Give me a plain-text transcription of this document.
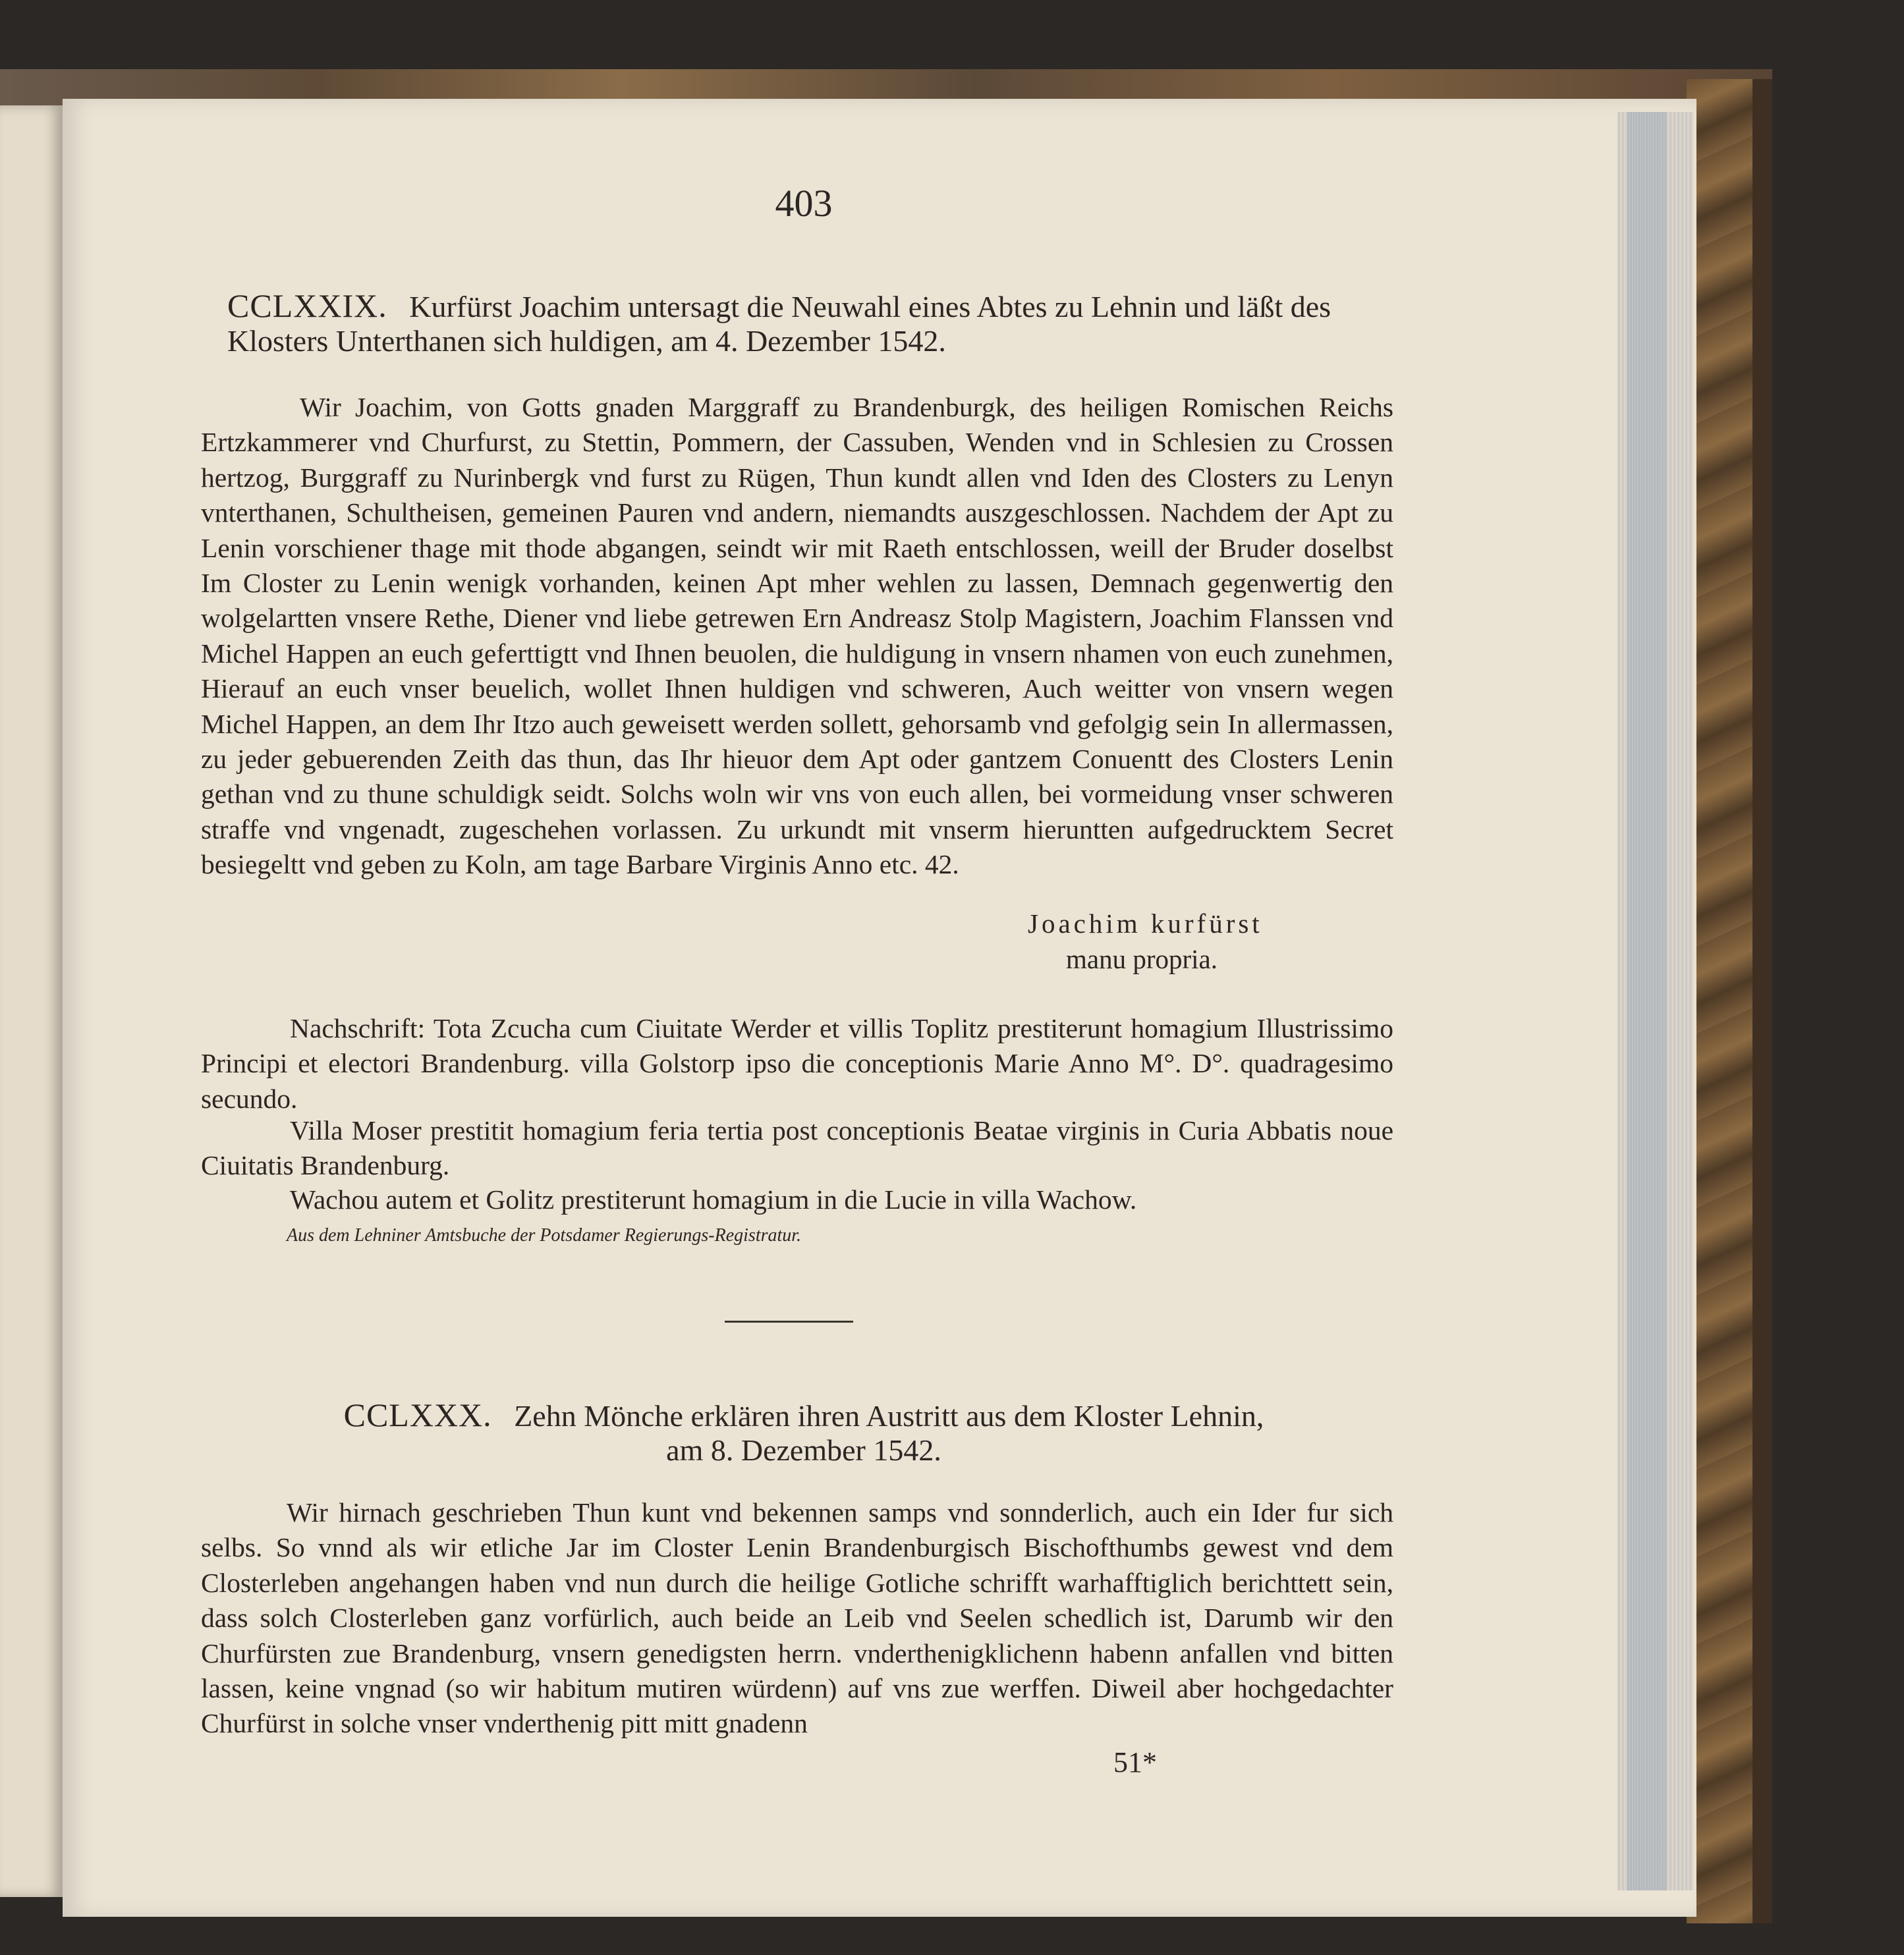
403
CCLXXIX. Kurfürst Joachim untersagt die Neuwahl eines Abtes zu Lehnin und läßt des
Klosters Unterthanen sich huldigen, am 4. Dezember 1542.
Wir Joachim, von Gotts gnaden Marggraff zu Brandenburgk, des heiligen Romischen Reichs Ertzkammerer vnd Churfurst, zu Stettin, Pommern, der Cassuben, Wenden vnd in Schlesien zu Crossen hertzog, Burggraff zu Nurinbergk vnd furst zu Rügen, Thun kundt allen vnd Iden des Closters zu Lenyn vnterthanen, Schultheisen, gemeinen Pauren vnd andern, niemandts auszgeschlossen. Nachdem der Apt zu Lenin vorschiener thage mit thode abgangen, seindt wir mit Raeth entschlossen, weill der Bruder doselbst Im Closter zu Lenin wenigk vorhanden, keinen Apt mher wehlen zu lassen, Demnach gegenwertig den wolgelartten vnsere Rethe, Diener vnd liebe getrewen Ern Andreasz Stolp Magistern, Joachim Flanssen vnd Michel Happen an euch geferttigtt vnd Ihnen beuolen, die huldigung in vnsern nhamen von euch zunehmen, Hierauf an euch vnser beuelich, wollet Ihnen huldigen vnd schweren, Auch weitter von vnsern wegen Michel Happen, an dem Ihr Itzo auch geweisett werden sollett, gehorsamb vnd gefolgig sein In allermassen, zu jeder gebuerenden Zeith das thun, das Ihr hieuor dem Apt oder gantzem Conuentt des Closters Lenin gethan vnd zu thune schuldigk seidt. Solchs woln wir vns von euch allen, bei vormeidung vnser schweren straffe vnd vngenadt, zugeschehen vorlassen. Zu urkundt mit vnserm hieruntten aufgedrucktem Secret besiegeltt vnd geben zu Koln, am tage Barbare Virginis Anno etc. 42.
Joachim kurfürst
manu propria.
Nachschrift: Tota Zcucha cum Ciuitate Werder et villis Toplitz prestiterunt homagium Illustrissimo Principi et electori Brandenburg. villa Golstorp ipso die conceptionis Marie Anno M°. D°. quadragesimo secundo.
Villa Moser prestitit homagium feria tertia post conceptionis Beatae virginis in Curia Abbatis noue Ciuitatis Brandenburg.
Wachou autem et Golitz prestiterunt homagium in die Lucie in villa Wachow.
Aus dem Lehniner Amtsbuche der Potsdamer Regierungs-Registratur.
CCLXXX. Zehn Mönche erklären ihren Austritt aus dem Kloster Lehnin,
am 8. Dezember 1542.
Wir hirnach geschrieben Thun kunt vnd bekennen samps vnd sonnderlich, auch ein Ider fur sich selbs. So vnnd als wir etliche Jar im Closter Lenin Brandenburgisch Bischofthumbs gewest vnd dem Closterleben angehangen haben vnd nun durch die heilige Gotliche schrifft warhafftiglich berichttett sein, dass solch Closterleben ganz vorfürlich, auch beide an Leib vnd Seelen schedlich ist, Darumb wir den Churfürsten zue Brandenburg, vnsern genedigsten herrn. vnderthenigklichenn habenn anfallen vnd bitten lassen, keine vngnad (so wir habitum mutiren würdenn) auf vns zue werffen. Diweil aber hochgedachter Churfürst in solche vnser vnderthenig pitt mitt gnadenn
51*
